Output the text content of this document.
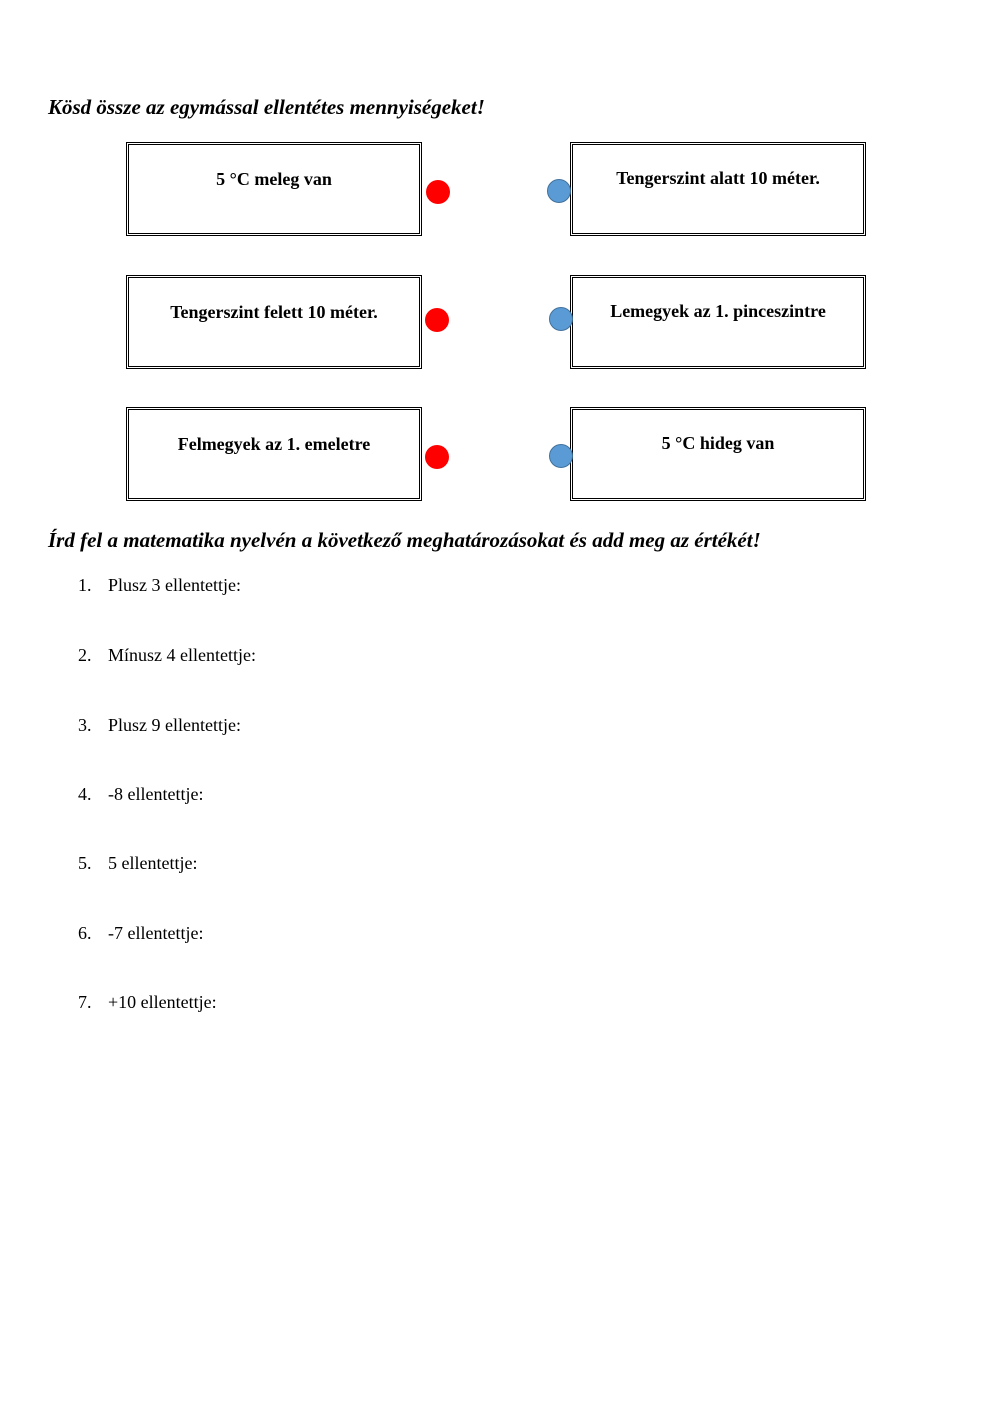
Kösd össze az egymással ellentétes mennyiségeket!
5 °C meleg van
Tengerszint felett 10 méter.
Felmegyek az 1. emeletre
Tengerszint alatt 10 méter.
Lemegyek az 1. pinceszintre
5 °C hideg van
Írd fel a matematika nyelvén a következő meghatározásokat és add meg az értékét!
1. Plusz 3 ellentettje:
2. Mínusz 4 ellentettje:
3. Plusz 9 ellentettje:
4. -8 ellentettje:
5. 5 ellentettje:
6. -7 ellentettje:
7. +10 ellentettje:
